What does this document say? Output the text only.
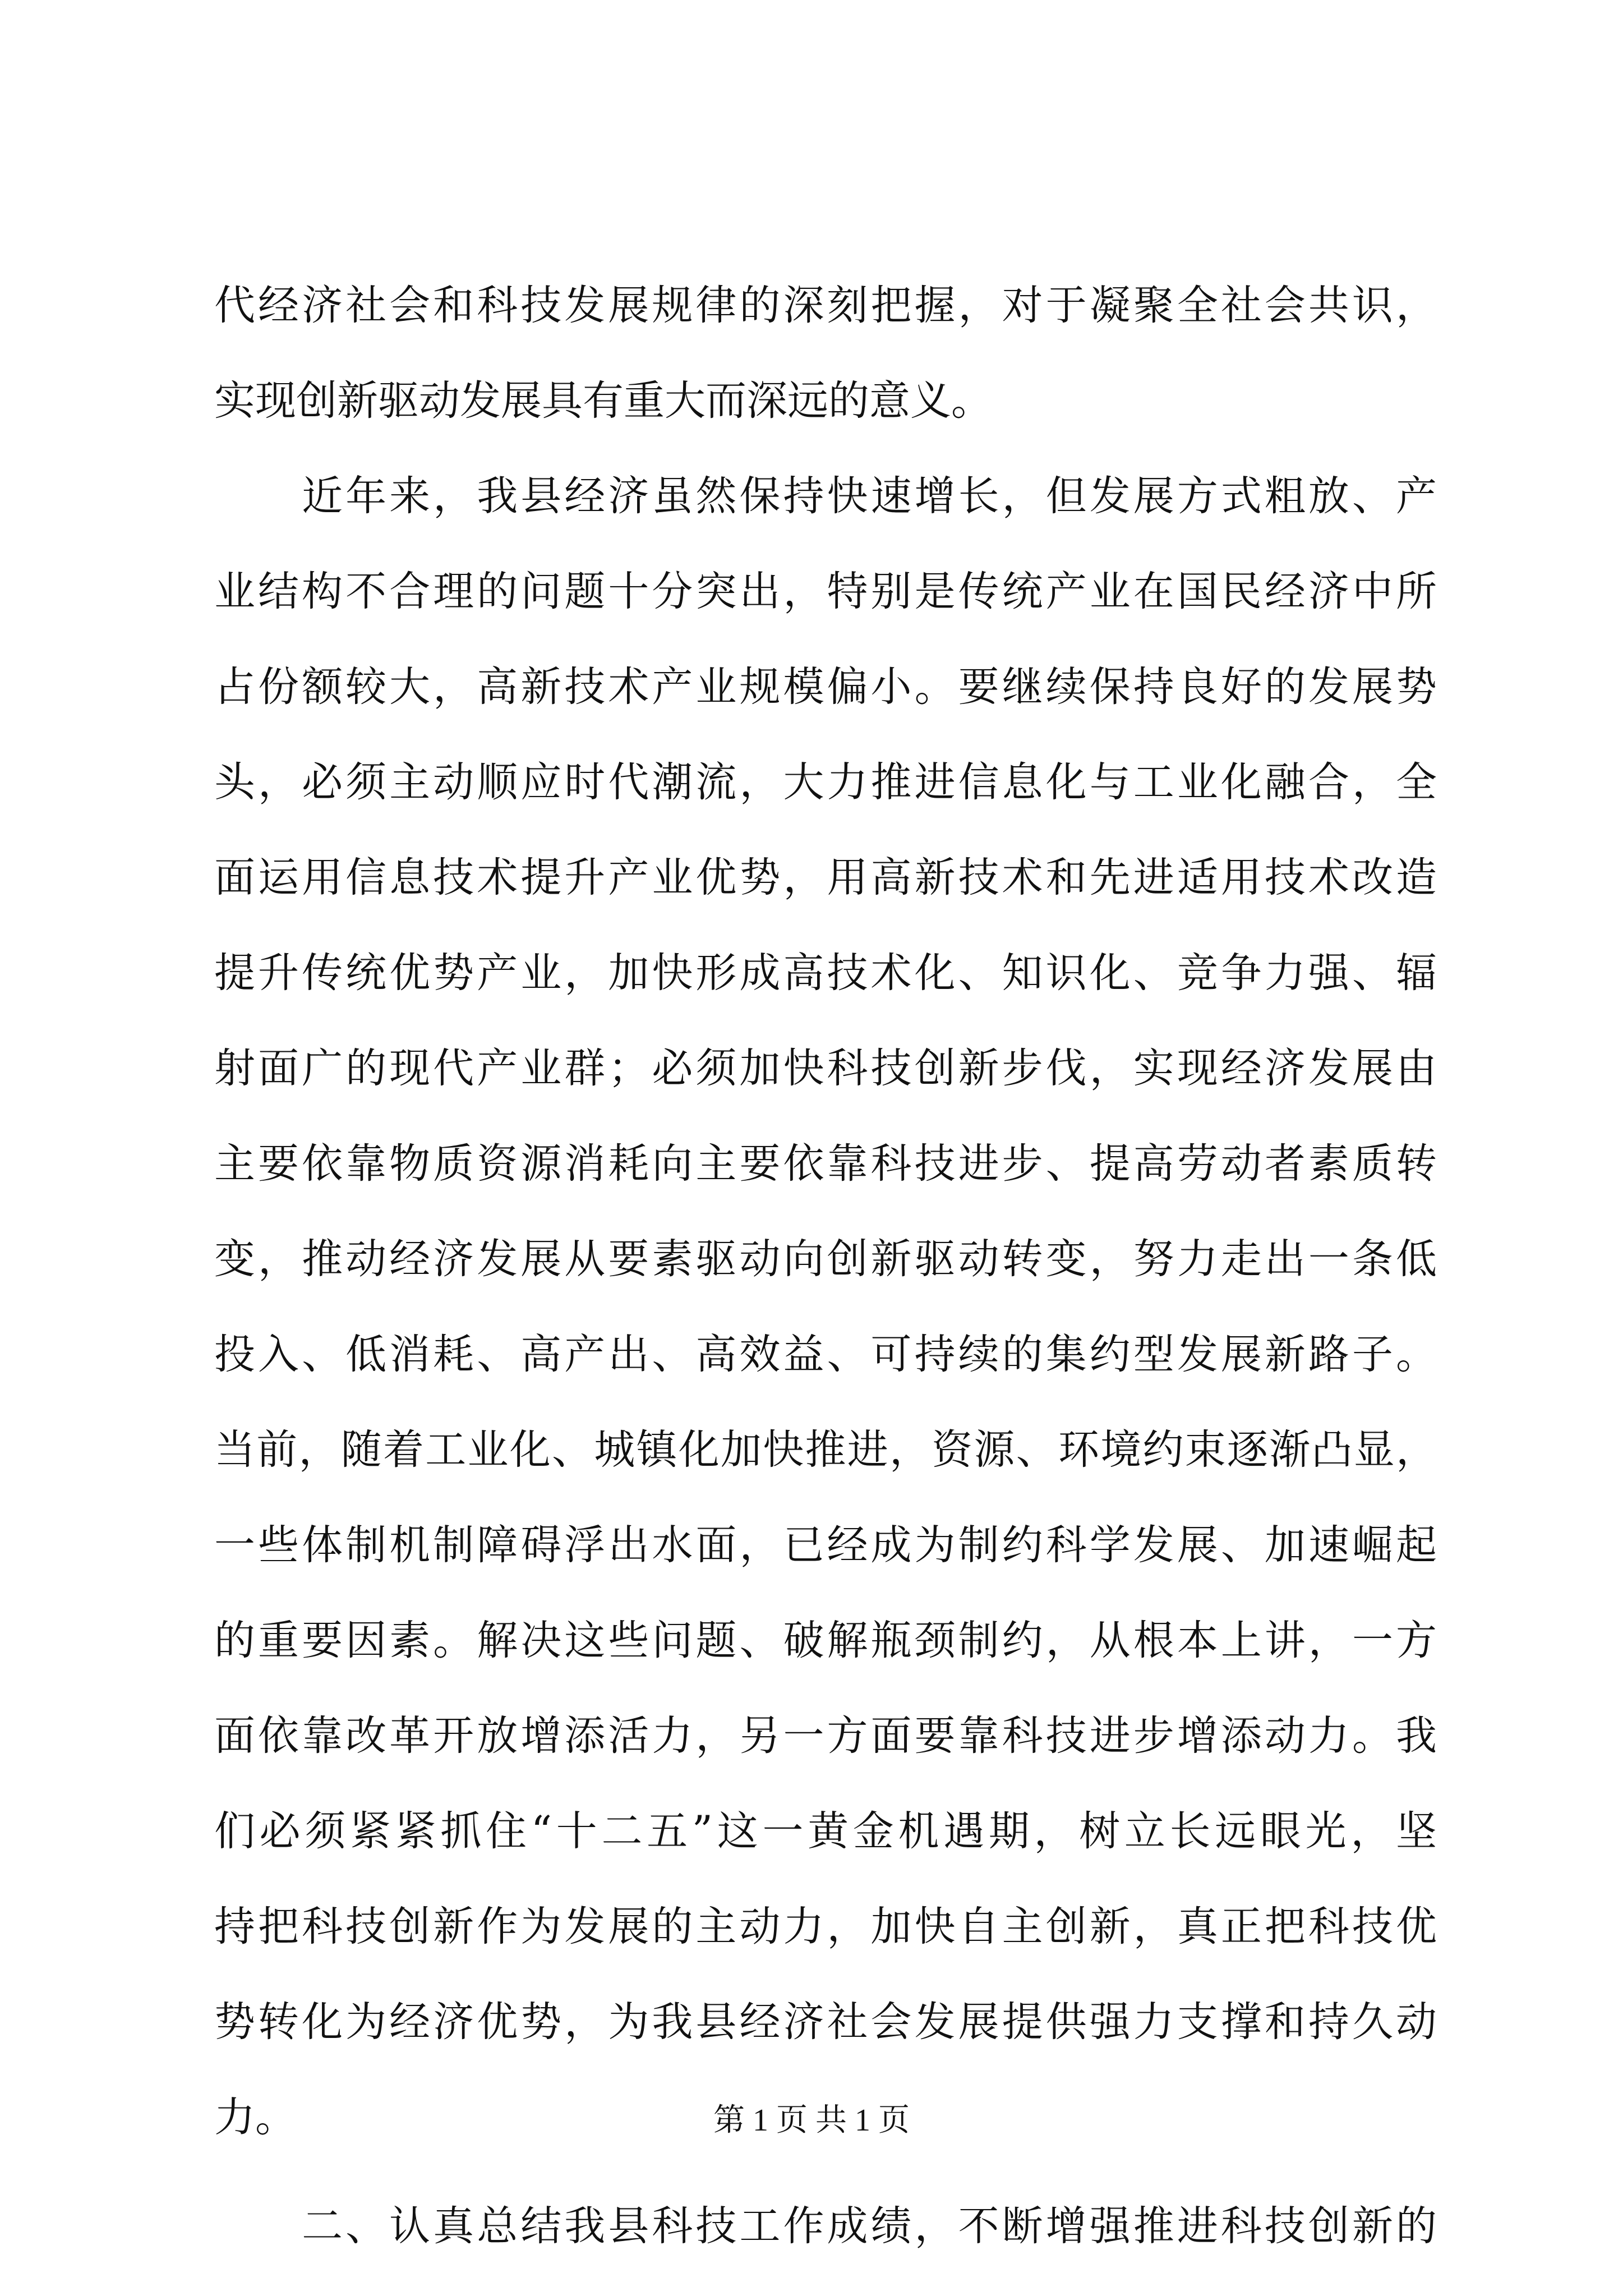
代经济社会和科技发展规律的深刻把握，对于凝聚全社会共识，
实现创新驱动发展具有重大而深远的意义。
　　近年来，我县经济虽然保持快速增长，但发展方式粗放、产
业结构不合理的问题十分突出，特别是传统产业在国民经济中所
占份额较大，高新技术产业规模偏小。要继续保持良好的发展势
头，必须主动顺应时代潮流，大力推进信息化与工业化融合，全
面运用信息技术提升产业优势，用高新技术和先进适用技术改造
提升传统优势产业，加快形成高技术化、知识化、竞争力强、辐
射面广的现代产业群；必须加快科技创新步伐，实现经济发展由
主要依靠物质资源消耗向主要依靠科技进步、提高劳动者素质转
变，推动经济发展从要素驱动向创新驱动转变，努力走出一条低
投入、低消耗、高产出、高效益、可持续的集约型发展新路子。
当前，随着工业化、城镇化加快推进，资源、环境约束逐渐凸显，
一些体制机制障碍浮出水面，已经成为制约科学发展、加速崛起
的重要因素。解决这些问题、破解瓶颈制约，从根本上讲，一方
面依靠改革开放增添活力，另一方面要靠科技进步增添动力。我
们必须紧紧抓住“十二五”这一黄金机遇期，树立长远眼光，坚
持把科技创新作为发展的主动力，加快自主创新，真正把科技优
势转化为经济优势，为我县经济社会发展提供强力支撑和持久动
力。
　　二、认真总结我县科技工作成绩，不断增强推进科技创新的
第 1 页 共 1 页
